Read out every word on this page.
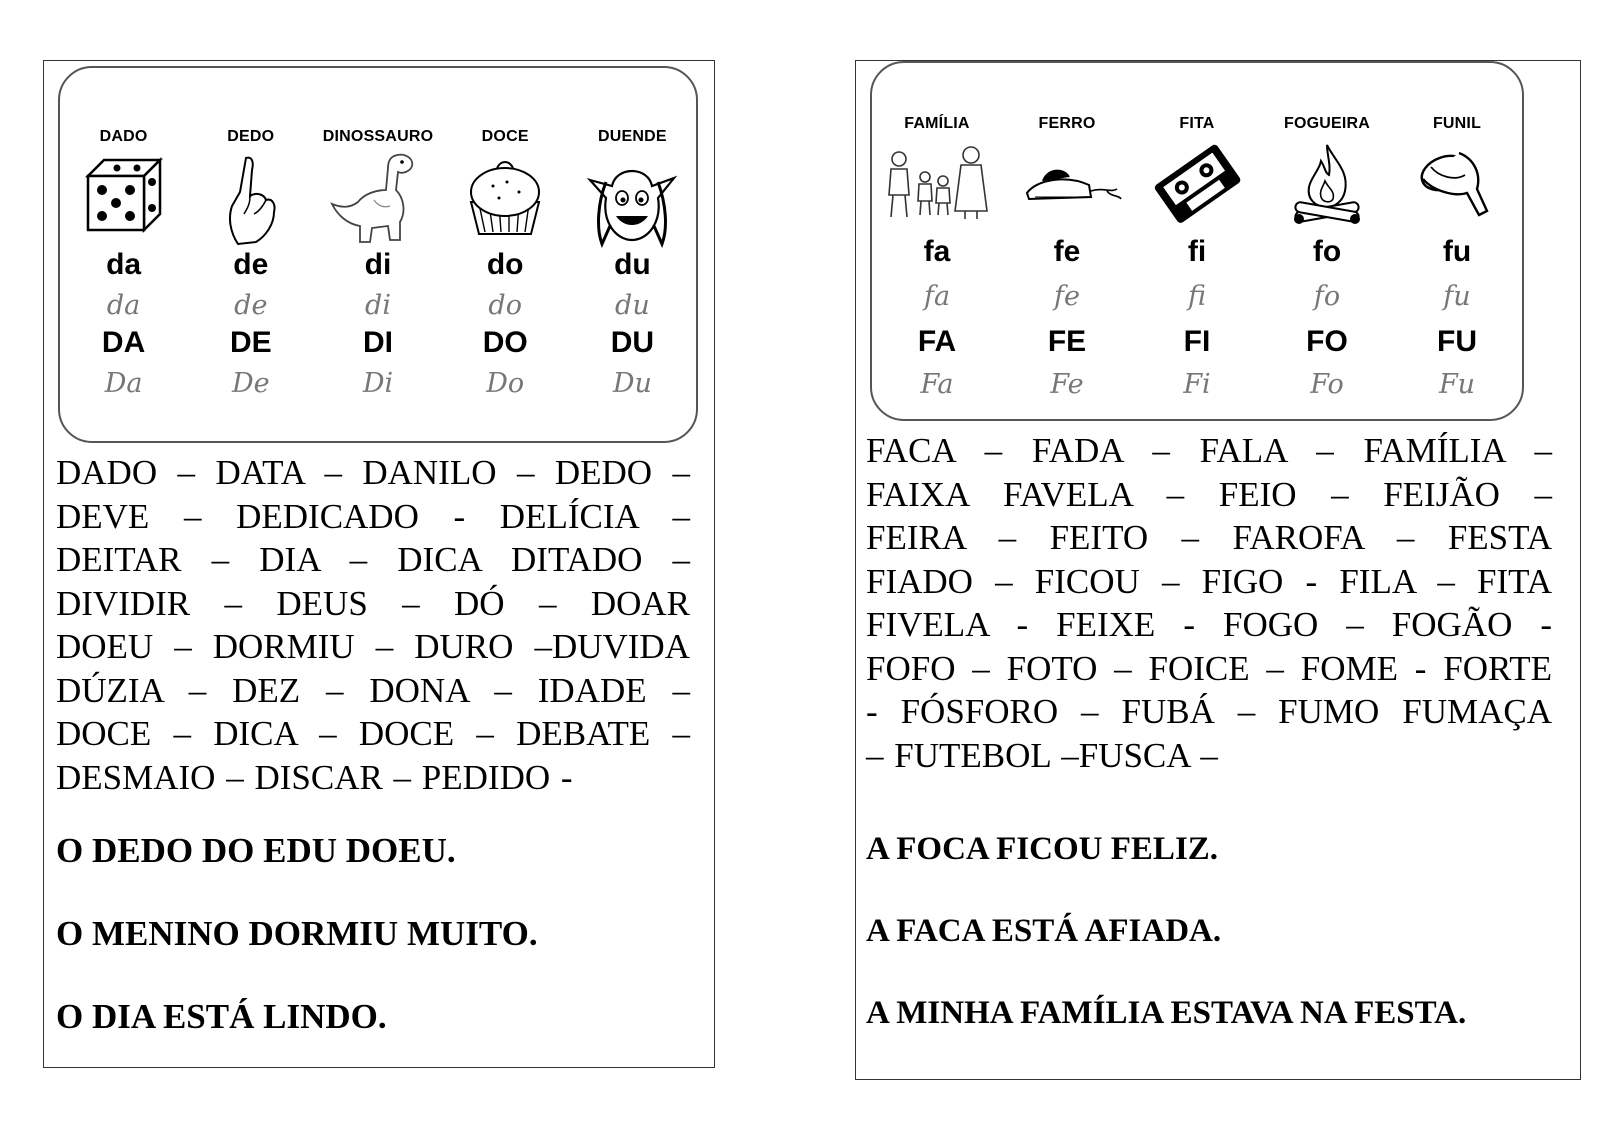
DADO
da
da
DA
Da
DEDO
de
de
DE
De
DINOSSAURO
di
di
DI
Di
DOCE
do
do
DO
Do
DUENDE
du
du
DU
Du
DADO – DATA – DANILO – DEDO –
DEVE – DEDICADO - DELÍCIA –
DEITAR – DIA – DICA DITADO –
DIVIDIR – DEUS – DÓ – DOAR
DOEU – DORMIU – DURO –DUVIDA
DÚZIA – DEZ – DONA – IDADE –
DOCE – DICA – DOCE – DEBATE –
DESMAIO – DISCAR – PEDIDO -
O DEDO DO EDU DOEU.
O MENINO DORMIU MUITO.
O DIA ESTÁ LINDO.
FAMÍLIA
fa
fa
FA
Fa
FERRO
fe
fe
FE
Fe
FITA
fi
fi
FI
Fi
FOGUEIRA
fo
fo
FO
Fo
FUNIL
fu
fu
FU
Fu
FACA – FADA – FALA – FAMÍLIA –
FAIXA FAVELA – FEIO – FEIJÃO –
FEIRA – FEITO – FAROFA – FESTA
FIADO – FICOU – FIGO - FILA – FITA
FIVELA - FEIXE - FOGO – FOGÃO -
FOFO – FOTO – FOICE – FOME - FORTE
- FÓSFORO – FUBÁ – FUMO FUMAÇA
– FUTEBOL –FUSCA –
A FOCA FICOU FELIZ.
A FACA ESTÁ AFIADA.
A MINHA FAMÍLIA ESTAVA NA FESTA.
